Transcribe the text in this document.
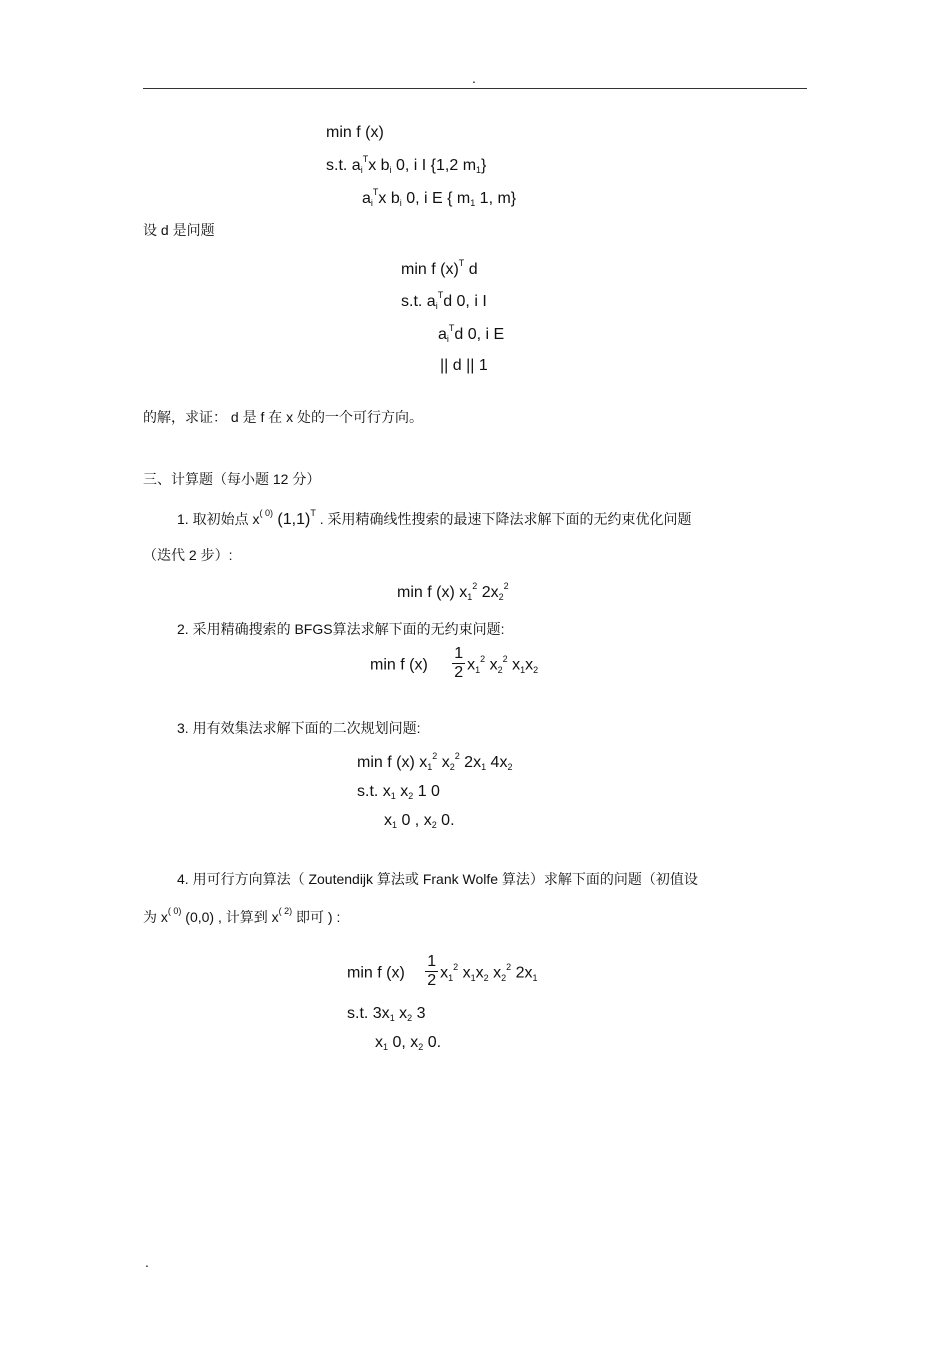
.
min f (x)
s.t. $a_i^Tx$ $b_i$ 0, i I {1,2 $m_1$}
$a_i^Tx$ $b_i$ 0, i E { $m_1$ 1, m}
设 d 是问题
min f $(x)^T$ d
s.t. $a_i^Td$ 0, i I
$a_i^Td$ 0, i E
|| d || 1
的解，求证： d 是 f 在 x 处的一个可行方向。
三、计算题（每小题 12 分）
1. 取初始点 $x^{( 0)}$ $(1,1)^T$ . 采用精确线性搜索的最速下降法求解下面的无约束优化问题
（迭代 2 步）:
min f (x) $x_1^2$ $2x_2^2$
2. 采用精确搜索的 BFGS算法求解下面的无约束问题:
min f $(x) \frac{1}{2} x_1^2$ $x_2^2$ $x_1x_2$
3. 用有效集法求解下面的二次规划问题:
min f (x) $x_1^2$ $x_2^2$ $2x_1$ $4x_2$
s.t. $x_1$ $x_2$ 1 0
$x_1$ 0 , $x_2$ 0.
4. 用可行方向算法（ Zoutendijk 算法或 Frank Wolfe 算法）求解下面的问题（初值设
为 $x^{( 0)}$ (0,0) , 计算到 $x^{( 2)}$ 即可 ) :
min f $(x) \frac{1}{2} x_1^2$ $x_1x_2$ $x_2^2$ $2x_1$
s.t. $3x_1$ $x_2$ 3
$x_1$ 0, $x_2$ 0.
.
